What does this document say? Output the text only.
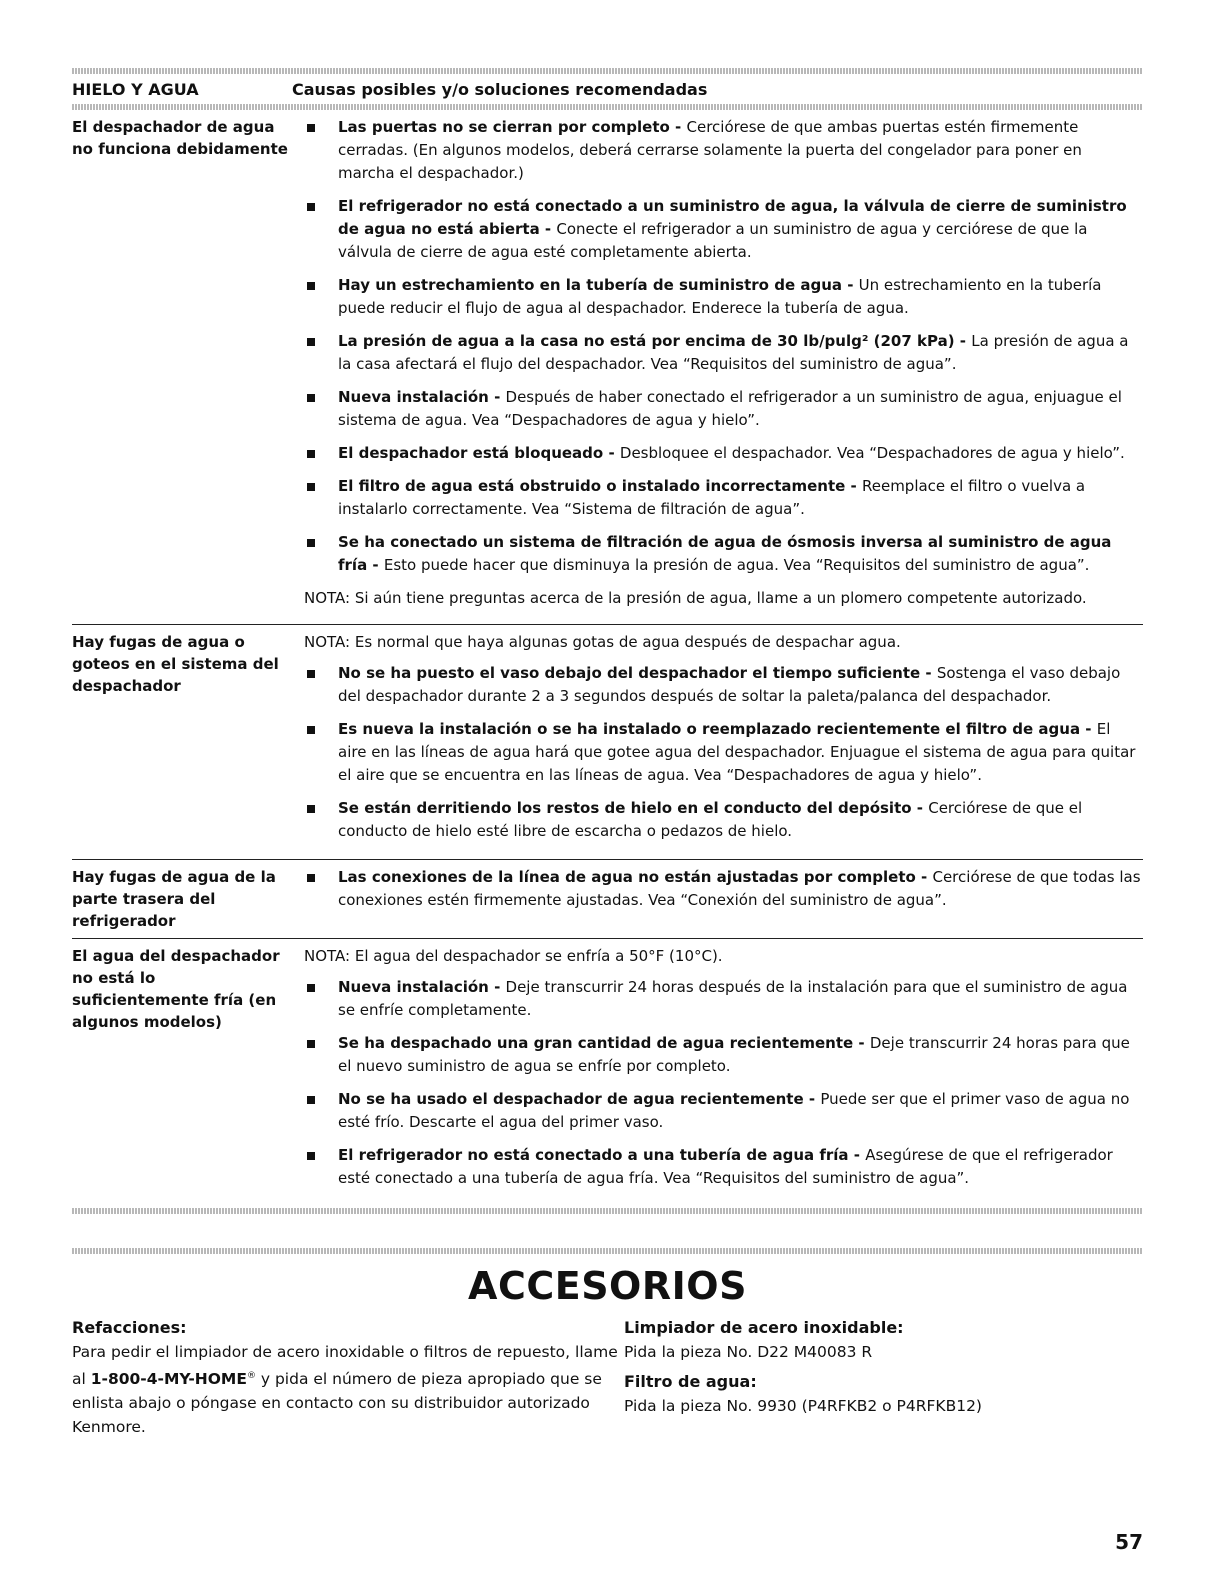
HIELO Y AGUA	Causas posibles y/o soluciones recomendadas
El despachador de agua no funciona debidamente
Las puertas no se cierran por completo - Cerciórese de que ambas puertas estén firmemente cerradas. (En algunos modelos, deberá cerrarse solamente la puerta del congelador para poner en marcha el despachador.)
El refrigerador no está conectado a un suministro de agua, la válvula de cierre de suministro de agua no está abierta - Conecte el refrigerador a un suministro de agua y cerciórese de que la válvula de cierre de agua esté completamente abierta.
Hay un estrechamiento en la tubería de suministro de agua - Un estrechamiento en la tubería puede reducir el flujo de agua al despachador. Enderece la tubería de agua.
La presión de agua a la casa no está por encima de 30 lb/pulg² (207 kPa) - La presión de agua a la casa afectará el flujo del despachador. Vea “Requisitos del suministro de agua”.
Nueva instalación - Después de haber conectado el refrigerador a un suministro de agua, enjuague el sistema de agua. Vea “Despachadores de agua y hielo”.
El despachador está bloqueado - Desbloquee el despachador. Vea “Despachadores de agua y hielo”.
El filtro de agua está obstruido o instalado incorrectamente - Reemplace el filtro o vuelva a instalarlo correctamente. Vea “Sistema de filtración de agua”.
Se ha conectado un sistema de filtración de agua de ósmosis inversa al suministro de agua fría - Esto puede hacer que disminuya la presión de agua. Vea “Requisitos del suministro de agua”.
NOTA: Si aún tiene preguntas acerca de la presión de agua, llame a un plomero competente autorizado.
Hay fugas de agua o goteos en el sistema del despachador
NOTA: Es normal que haya algunas gotas de agua después de despachar agua.
No se ha puesto el vaso debajo del despachador el tiempo suficiente - Sostenga el vaso debajo del despachador durante 2 a 3 segundos después de soltar la paleta/palanca del despachador.
Es nueva la instalación o se ha instalado o reemplazado recientemente el filtro de agua - El aire en las líneas de agua hará que gotee agua del despachador. Enjuague el sistema de agua para quitar el aire que se encuentra en las líneas de agua. Vea “Despachadores de agua y hielo”.
Se están derritiendo los restos de hielo en el conducto del depósito - Cerciórese de que el conducto de hielo esté libre de escarcha o pedazos de hielo.
Hay fugas de agua de la parte trasera del refrigerador
Las conexiones de la línea de agua no están ajustadas por completo - Cerciórese de que todas las conexiones estén firmemente ajustadas. Vea “Conexión del suministro de agua”.
El agua del despachador no está lo suficientemente fría (en algunos modelos)
NOTA: El agua del despachador se enfría a 50°F (10°C).
Nueva instalación - Deje transcurrir 24 horas después de la instalación para que el suministro de agua se enfríe completamente.
Se ha despachado una gran cantidad de agua recientemente - Deje transcurrir 24 horas para que el nuevo suministro de agua se enfríe por completo.
No se ha usado el despachador de agua recientemente - Puede ser que el primer vaso de agua no esté frío. Descarte el agua del primer vaso.
El refrigerador no está conectado a una tubería de agua fría - Asegúrese de que el refrigerador esté conectado a una tubería de agua fría. Vea “Requisitos del suministro de agua”.
ACCESORIOS
Refacciones:
Para pedir el limpiador de acero inoxidable o filtros de repuesto, llame al 1-800-4-MY-HOME® y pida el número de pieza apropiado que se enlista abajo o póngase en contacto con su distribuidor autorizado Kenmore.
Limpiador de acero inoxidable:
Pida la pieza No. D22 M40083 R
Filtro de agua:
Pida la pieza No. 9930 (P4RFKB2 o P4RFKB12)
57
